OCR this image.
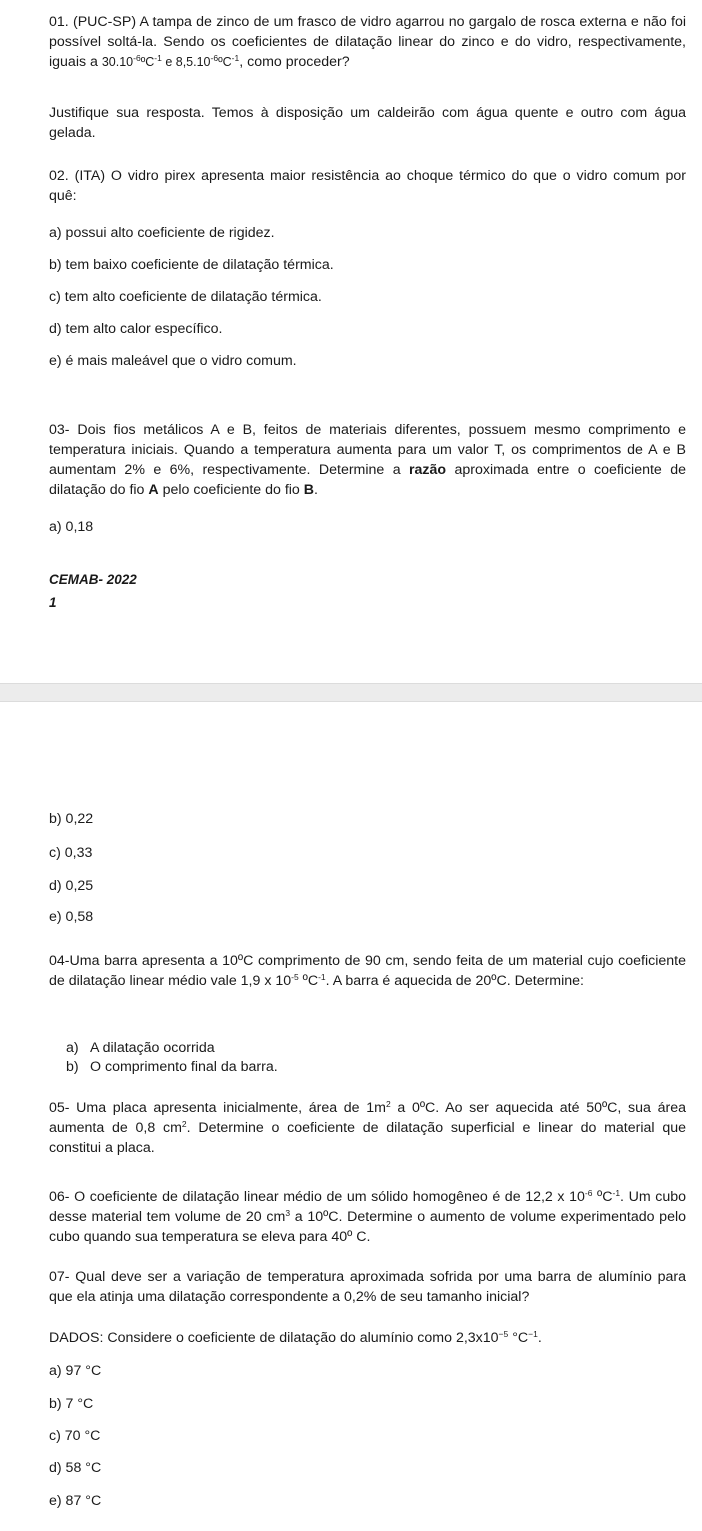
01. (PUC-SP) A tampa de zinco de um frasco de vidro agarrou no gargalo de rosca externa e não foi possível soltá-la. Sendo os coeficientes de dilatação linear do zinco e do vidro, respectivamente, iguais a $30.10^{-6}ºC^{-1}$ e $8,5.10^{-6}ºC^{-1}$, como proceder?

Justifique sua resposta. Temos à disposição um caldeirão com água quente e outro com água gelada.

02. (ITA) O vidro pirex apresenta maior resistência ao choque térmico do que o vidro comum por quê:

a) possui alto coeficiente de rigidez.

b) tem baixo coeficiente de dilatação térmica.

c) tem alto coeficiente de dilatação térmica.

d) tem alto calor específico.

e) é mais maleável que o vidro comum.

03- Dois fios metálicos A e B, feitos de materiais diferentes, possuem mesmo comprimento e temperatura iniciais. Quando a temperatura aumenta para um valor T, os comprimentos de A e B aumentam 2% e 6%, respectivamente. Determine a razão aproximada entre o coeficiente de dilatação do fio A pelo coeficiente do fio B.

a) 0,18

CEMAB- 2022

1

b) 0,22

c) 0,33

d) 0,25

e) 0,58

04-Uma barra apresenta a 10ºC comprimento de 90 cm, sendo feita de um material cujo coeficiente de dilatação linear médio vale 1,9 x $10^{-5}$ ºC$^{-1}$. A barra é aquecida de 20ºC. Determine:

a) A dilatação ocorrida

b) O comprimento final da barra.

05- Uma placa apresenta inicialmente, área de $1m^2$ a 0ºC. Ao ser aquecida até 50ºC, sua área aumenta de 0,8 $cm^2$. Determine o coeficiente de dilatação superficial e linear do material que constitui a placa.

06- O coeficiente de dilatação linear médio de um sólido homogêneo é de 12,2 x $10^{-6}$ ºC$^{-1}$. Um cubo desse material tem volume de 20 $cm^3$ a 10ºC. Determine o aumento de volume experimentado pelo cubo quando sua temperatura se eleva para 40º C.

07- Qual deve ser a variação de temperatura aproximada sofrida por uma barra de alumínio para que ela atinja uma dilatação correspondente a 0,2% de seu tamanho inicial?

DADOS: Considere o coeficiente de dilatação do alumínio como $2,3x10^{-5}$ $^\circ C^{-1}$.

a) 97 °C

b) 7 °C

c) 70 °C

d) 58 °C

e) 87 °C
